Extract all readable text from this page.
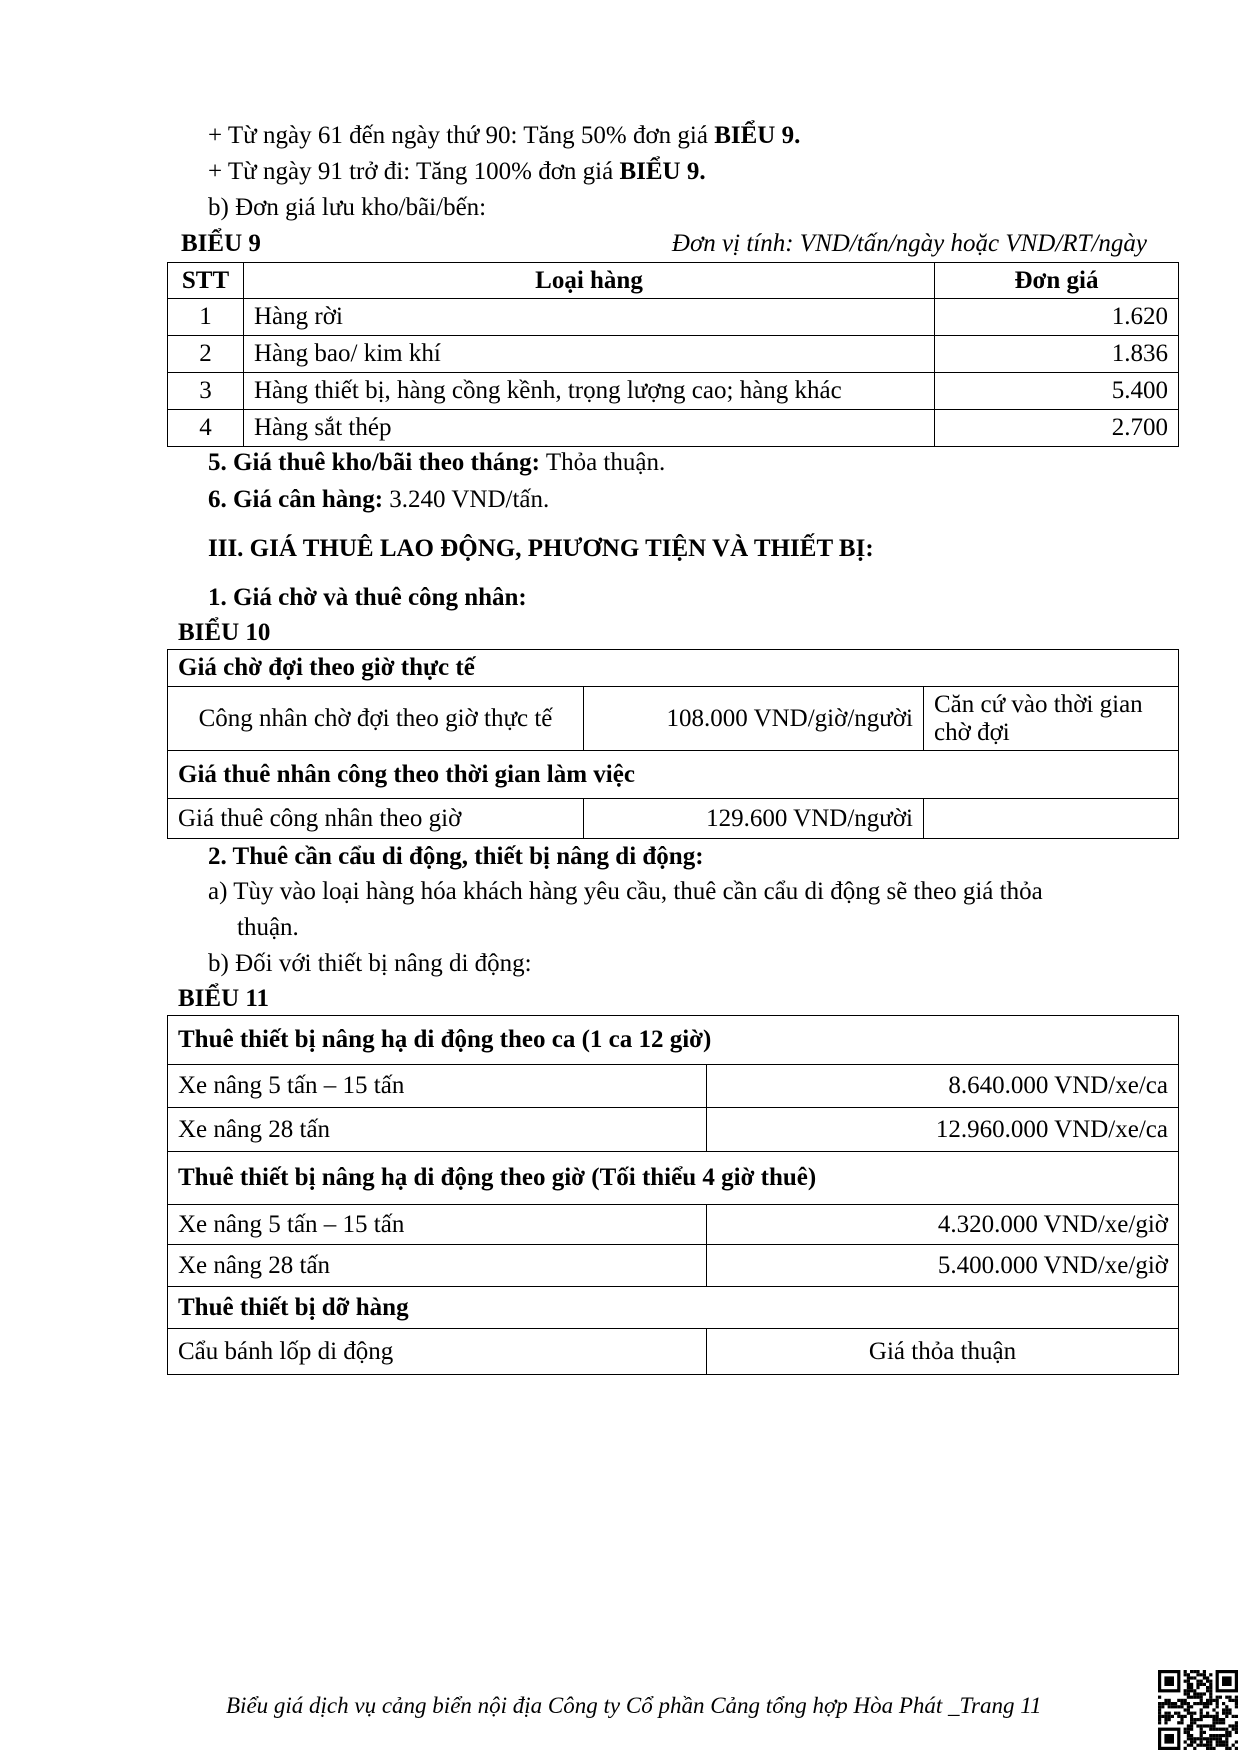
+ Từ ngày 61 đến ngày thứ 90: Tăng 50% đơn giá BIỂU 9.
+ Từ ngày 91 trở đi: Tăng 100% đơn giá BIỂU 9.
b) Đơn giá lưu kho/bãi/bến:
BIỂU 9	Đơn vị tính: VND/tấn/ngày hoặc VND/RT/ngày
STT	Loại hàng	Đơn giá
1	Hàng rời	1.620
2	Hàng bao/ kim khí	1.836
3	Hàng thiết bị, hàng cồng kềnh, trọng lượng cao; hàng khác	5.400
4	Hàng sắt thép	2.700
5. Giá thuê kho/bãi theo tháng: Thỏa thuận.
6. Giá cân hàng: 3.240 VND/tấn.
III. GIÁ THUÊ LAO ĐỘNG, PHƯƠNG TIỆN VÀ THIẾT BỊ:
1. Giá chờ và thuê công nhân:
BIỂU 10
Giá chờ đợi theo giờ thực tế		
Công nhân chờ đợi theo giờ thực tế	108.000 VND/giờ/người	Căn cứ vào thời gian chờ đợi
Giá thuê nhân công theo thời gian làm việc		
Giá thuê công nhân theo giờ	129.600 VND/người	
2. Thuê cần cẩu di động, thiết bị nâng di động:
a) Tùy vào loại hàng hóa khách hàng yêu cầu, thuê cần cẩu di động sẽ theo giá thỏa
thuận.
b) Đối với thiết bị nâng di động:
BIỂU 11
Thuê thiết bị nâng hạ di động theo ca (1 ca 12 giờ)	
Xe nâng 5 tấn – 15 tấn	8.640.000 VND/xe/ca
Xe nâng 28 tấn	12.960.000 VND/xe/ca
Thuê thiết bị nâng hạ di động theo giờ (Tối thiểu 4 giờ thuê)	
Xe nâng 5 tấn – 15 tấn	4.320.000 VND/xe/giờ
Xe nâng 28 tấn	5.400.000 VND/xe/giờ
Thuê thiết bị dỡ hàng	
Cẩu bánh lốp di động	Giá thỏa thuận
Biểu giá dịch vụ cảng biển nội địa Công ty Cổ phần Cảng tổng hợp Hòa Phát _Trang 11
